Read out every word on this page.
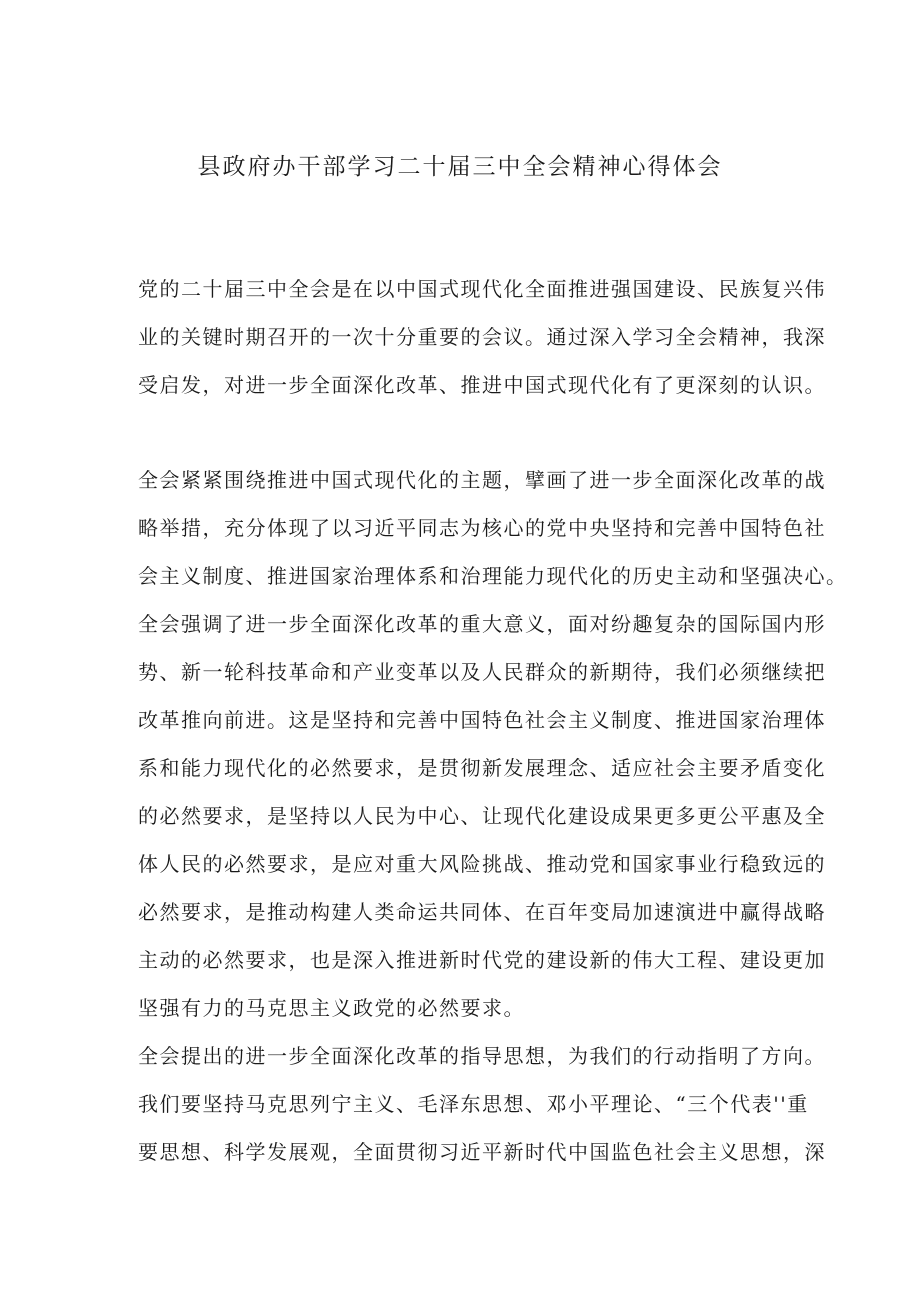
县政府办干部学习二十届三中全会精神心得体会
党的二十届三中全会是在以中国式现代化全面推进强国建设、民族复兴伟
业的关键时期召开的一次十分重要的会议。通过深入学习全会精神，我深
受启发，对进一步全面深化改革、推进中国式现代化有了更深刻的认识。
全会紧紧围绕推进中国式现代化的主题，擘画了进一步全面深化改革的战
略举措，充分体现了以习近平同志为核心的党中央坚持和完善中国特色社
会主义制度、推进国家治理体系和治理能力现代化的历史主动和坚强决心。
全会强调了进一步全面深化改革的重大意义，面对纷趣复杂的国际国内形
势、新一轮科技革命和产业变革以及人民群众的新期待，我们必须继续把
改革推向前进。这是坚持和完善中国特色社会主义制度、推进国家治理体
系和能力现代化的必然要求，是贯彻新发展理念、适应社会主要矛盾变化
的必然要求，是坚持以人民为中心、让现代化建设成果更多更公平惠及全
体人民的必然要求，是应对重大风险挑战、推动党和国家事业行稳致远的
必然要求，是推动构建人类命运共同体、在百年变局加速演进中赢得战略
主动的必然要求，也是深入推进新时代党的建设新的伟大工程、建设更加
坚强有力的马克思主义政党的必然要求。
全会提出的进一步全面深化改革的指导思想，为我们的行动指明了方向。
我们要坚持马克思列宁主义、毛泽东思想、邓小平理论、“三个代表''重
要思想、科学发展观，全面贯彻习近平新时代中国监色社会主义思想，深
